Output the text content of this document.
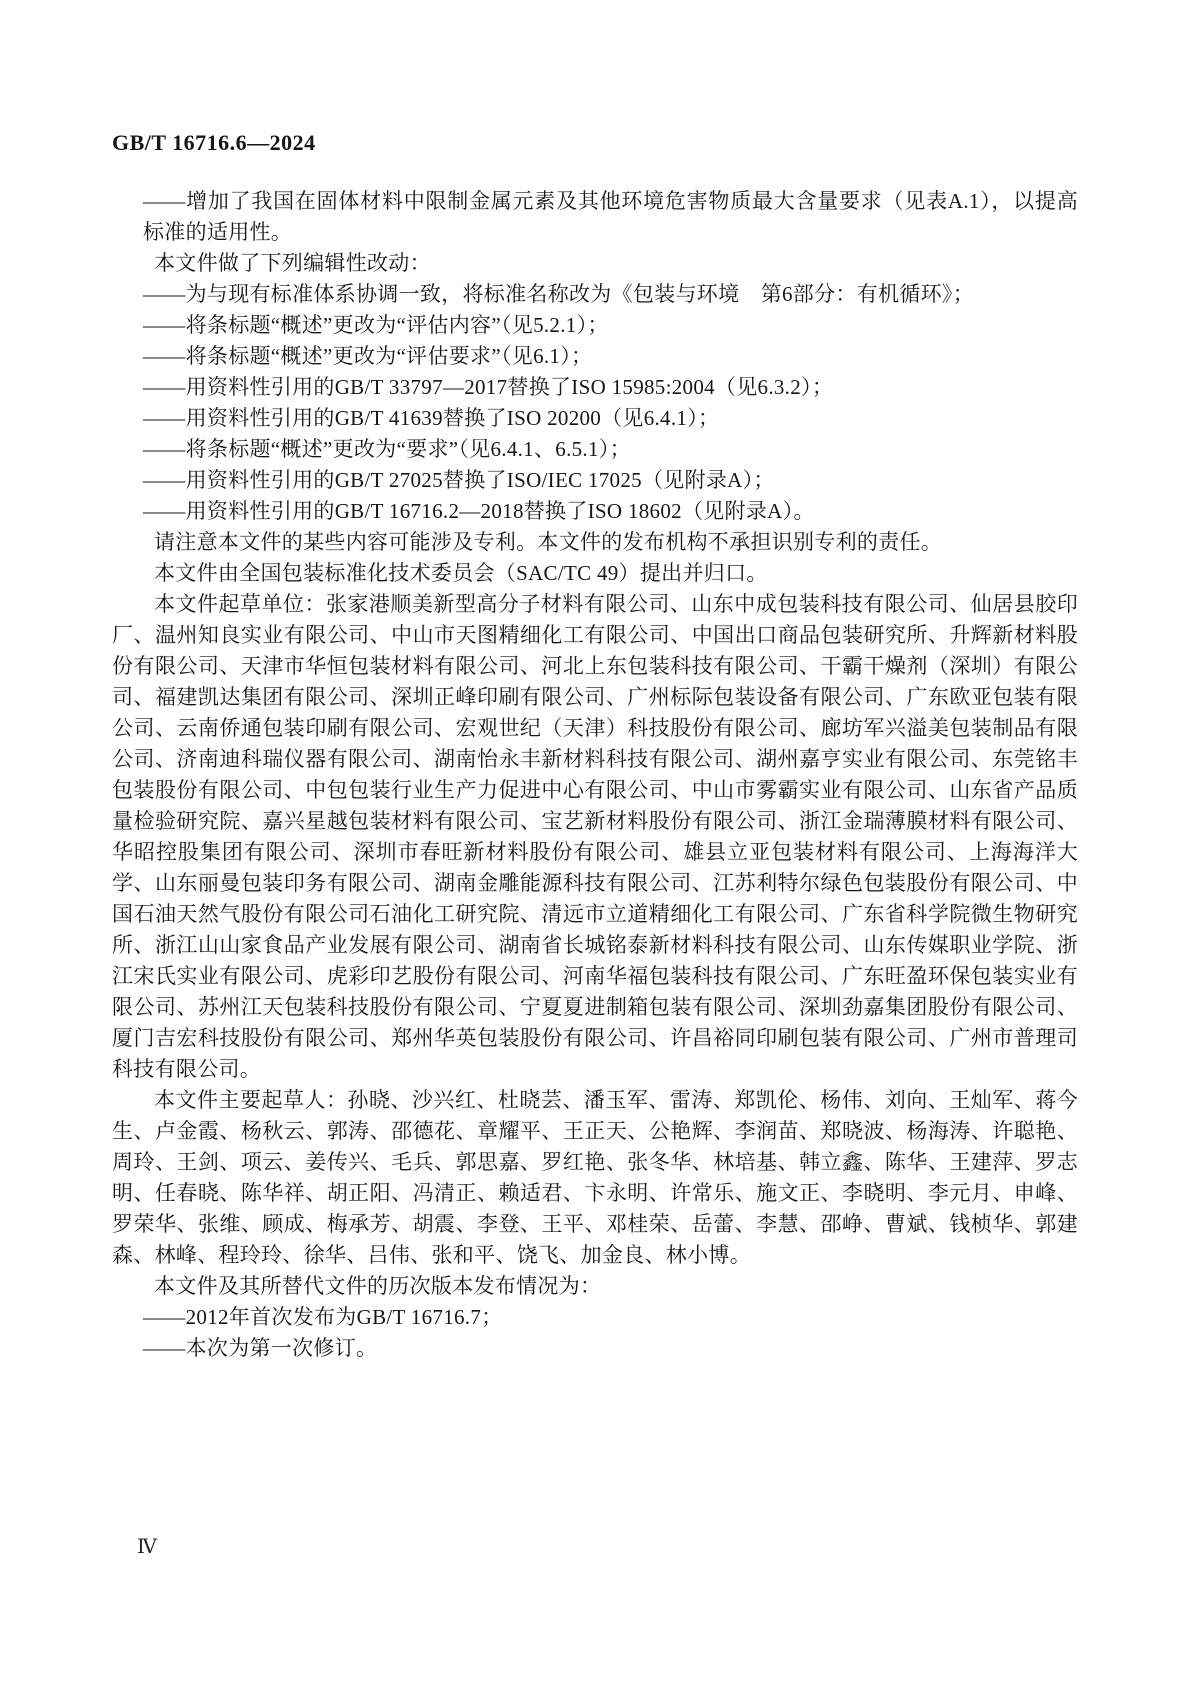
GB/T 16716.6—2024

——增加了我国在固体材料中限制金属元素及其他环境危害物质最大含量要求（见表A.1），以提高标准的适用性。

本文件做了下列编辑性改动：

——为与现有标准体系协调一致，将标准名称改为《包装与环境　第6部分：有机循环》；

——将条标题“概述”更改为“评估内容”（见5.2.1）；

——将条标题“概述”更改为“评估要求”（见6.1）；

——用资料性引用的GB/T 33797—2017替换了ISO 15985:2004（见6.3.2）；

——用资料性引用的GB/T 41639替换了ISO 20200（见6.4.1）；

——将条标题“概述”更改为“要求”（见6.4.1、6.5.1）；

——用资料性引用的GB/T 27025替换了ISO/IEC 17025（见附录A）；

——用资料性引用的GB/T 16716.2—2018替换了ISO 18602（见附录A）。

请注意本文件的某些内容可能涉及专利。本文件的发布机构不承担识别专利的责任。

本文件由全国包装标准化技术委员会（SAC/TC 49）提出并归口。

本文件起草单位：张家港顺美新型高分子材料有限公司、山东中成包装科技有限公司、仙居县胶印厂、温州知良实业有限公司、中山市天图精细化工有限公司、中国出口商品包装研究所、升辉新材料股份有限公司、天津市华恒包装材料有限公司、河北上东包装科技有限公司、干霸干燥剂（深圳）有限公司、福建凯达集团有限公司、深圳正峰印刷有限公司、广州标际包装设备有限公司、广东欧亚包装有限公司、云南侨通包装印刷有限公司、宏观世纪（天津）科技股份有限公司、廊坊军兴溢美包装制品有限公司、济南迪科瑞仪器有限公司、湖南怡永丰新材料科技有限公司、湖州嘉亨实业有限公司、东莞铭丰包装股份有限公司、中包包装行业生产力促进中心有限公司、中山市雾霸实业有限公司、山东省产品质量检验研究院、嘉兴星越包装材料有限公司、宝艺新材料股份有限公司、浙江金瑞薄膜材料有限公司、华昭控股集团有限公司、深圳市春旺新材料股份有限公司、雄县立亚包装材料有限公司、上海海洋大学、山东丽曼包装印务有限公司、湖南金雕能源科技有限公司、江苏利特尔绿色包装股份有限公司、中国石油天然气股份有限公司石油化工研究院、清远市立道精细化工有限公司、广东省科学院微生物研究所、浙江山山家食品产业发展有限公司、湖南省长城铭泰新材料科技有限公司、山东传媒职业学院、浙江宋氏实业有限公司、虎彩印艺股份有限公司、河南华福包装科技有限公司、广东旺盈环保包装实业有限公司、苏州江天包装科技股份有限公司、宁夏夏进制箱包装有限公司、深圳劲嘉集团股份有限公司、厦门吉宏科技股份有限公司、郑州华英包装股份有限公司、许昌裕同印刷包装有限公司、广州市普理司科技有限公司。

本文件主要起草人：孙晓、沙兴红、杜晓芸、潘玉军、雷涛、郑凯伦、杨伟、刘向、王灿军、蒋今生、卢金霞、杨秋云、郭涛、邵德花、章耀平、王正天、公艳辉、李润苗、郑晓波、杨海涛、许聪艳、周玲、王剑、项云、姜传兴、毛兵、郭思嘉、罗红艳、张冬华、林培基、韩立鑫、陈华、王建萍、罗志明、任春晓、陈华祥、胡正阳、冯清正、赖适君、卞永明、许常乐、施文正、李晓明、李元月、申峰、罗荣华、张维、顾成、梅承芳、胡震、李登、王平、邓桂荣、岳蕾、李慧、邵峥、曹斌、钱桢华、郭建森、林峰、程玲玲、徐华、吕伟、张和平、饶飞、加金良、林小博。

本文件及其所替代文件的历次版本发布情况为：

——2012年首次发布为GB/T 16716.7；

——本次为第一次修订。

Ⅳ
